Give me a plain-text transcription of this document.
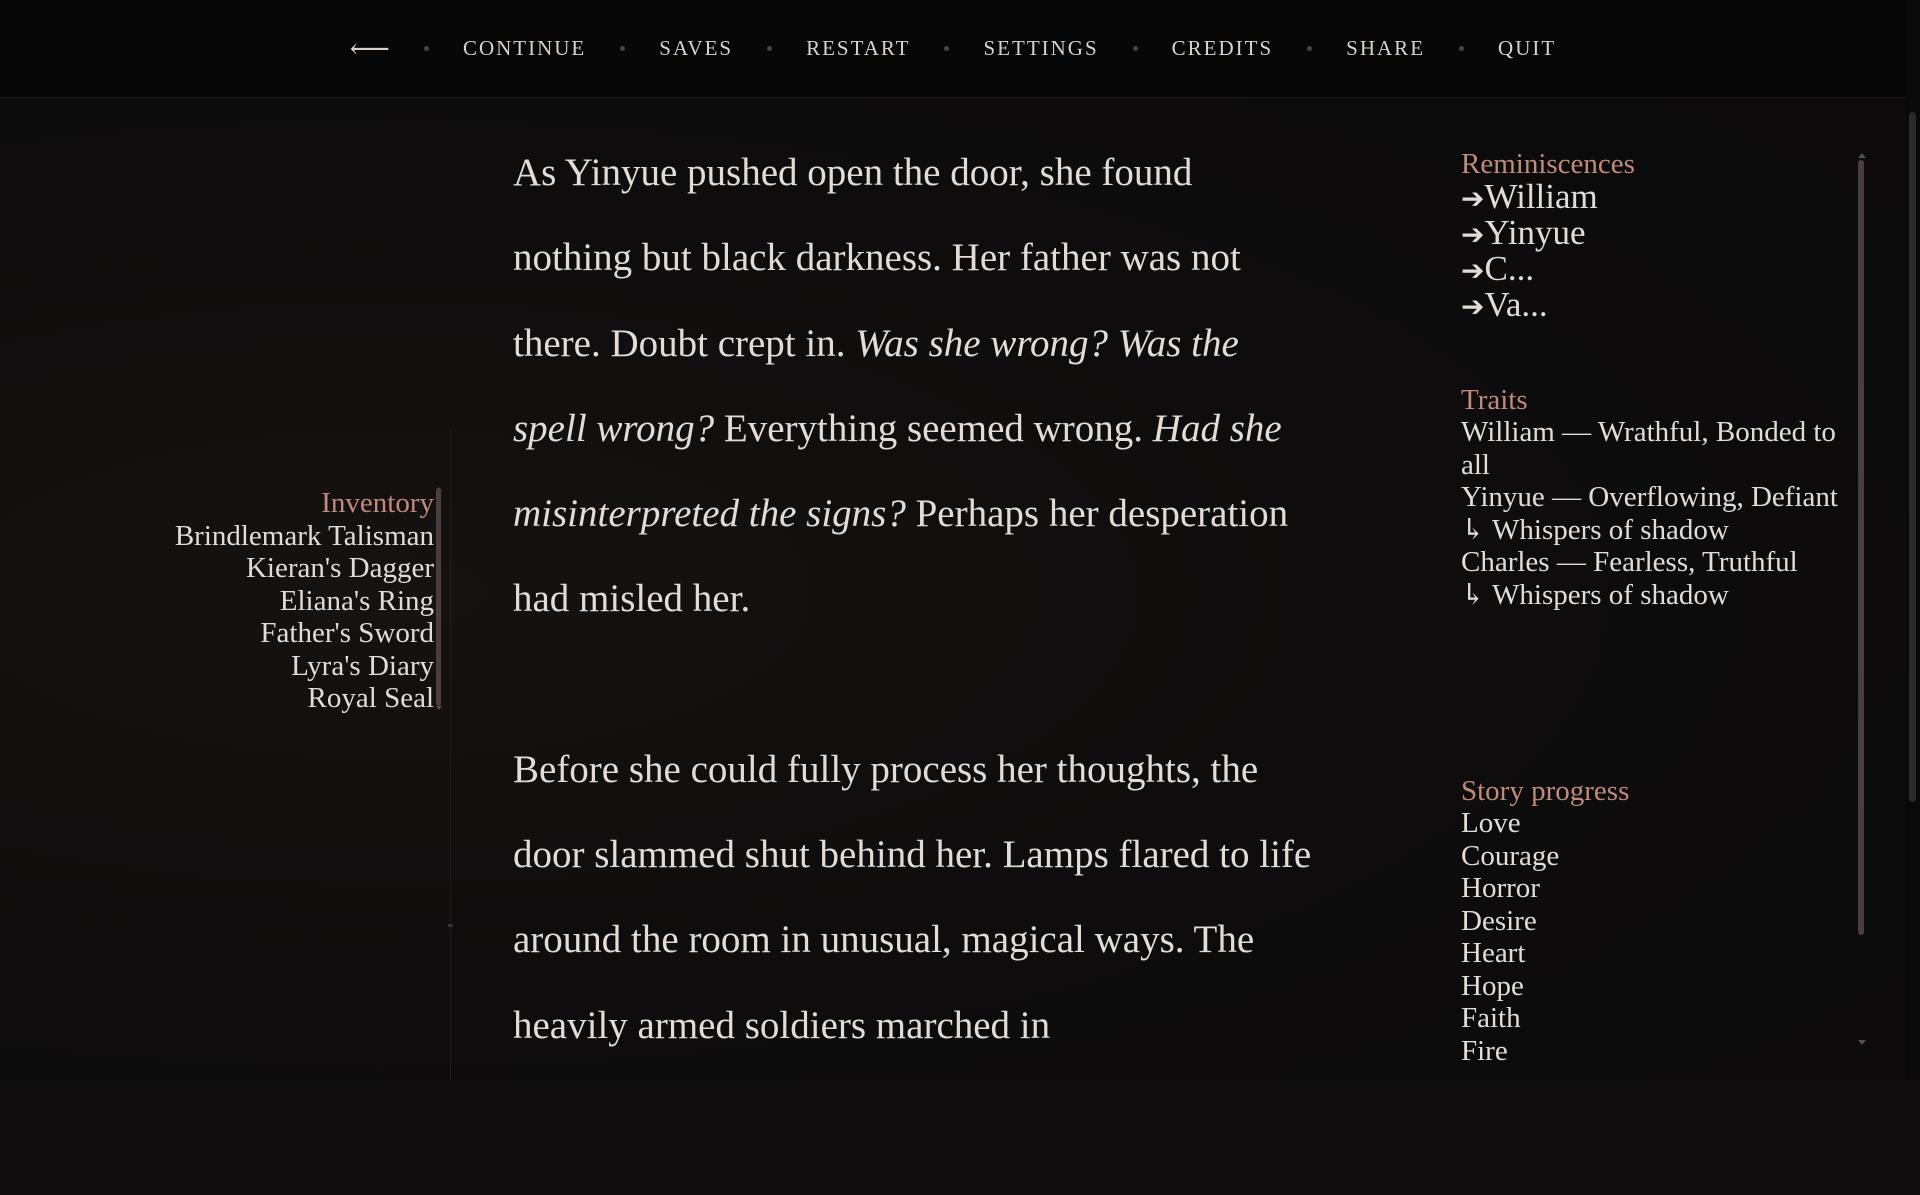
⟵	CONTINUE	SAVES	RESTART	SETTINGS	CREDITS	SHARE	QUIT
Inventory
Brindlemark Talisman
Kieran's Dagger
Eliana's Ring
Father's Sword
Lyra's Diary
Royal Seal

As Yinyue pushed open the door, she found nothing but black darkness. Her father was not there. Doubt crept in. Was she wrong? Was the spell wrong? Everything seemed wrong. Had she misinterpreted the signs? Perhaps her desperation had misled her.

Before she could fully process her thoughts, the door slammed shut behind her. Lamps flared to life around the room in unusual, magical ways. The heavily armed soldiers marched in

Reminiscences
➔William
➔Yinyue
➔C...
➔Va...
Traits
William — Wrathful, Bonded to all
Yinyue — Overflowing, Defiant
↳ Whispers of shadow
Charles — Fearless, Truthful
↳ Whispers of shadow
Story progress
Love
Courage
Horror
Desire
Heart
Hope
Faith
Fire
